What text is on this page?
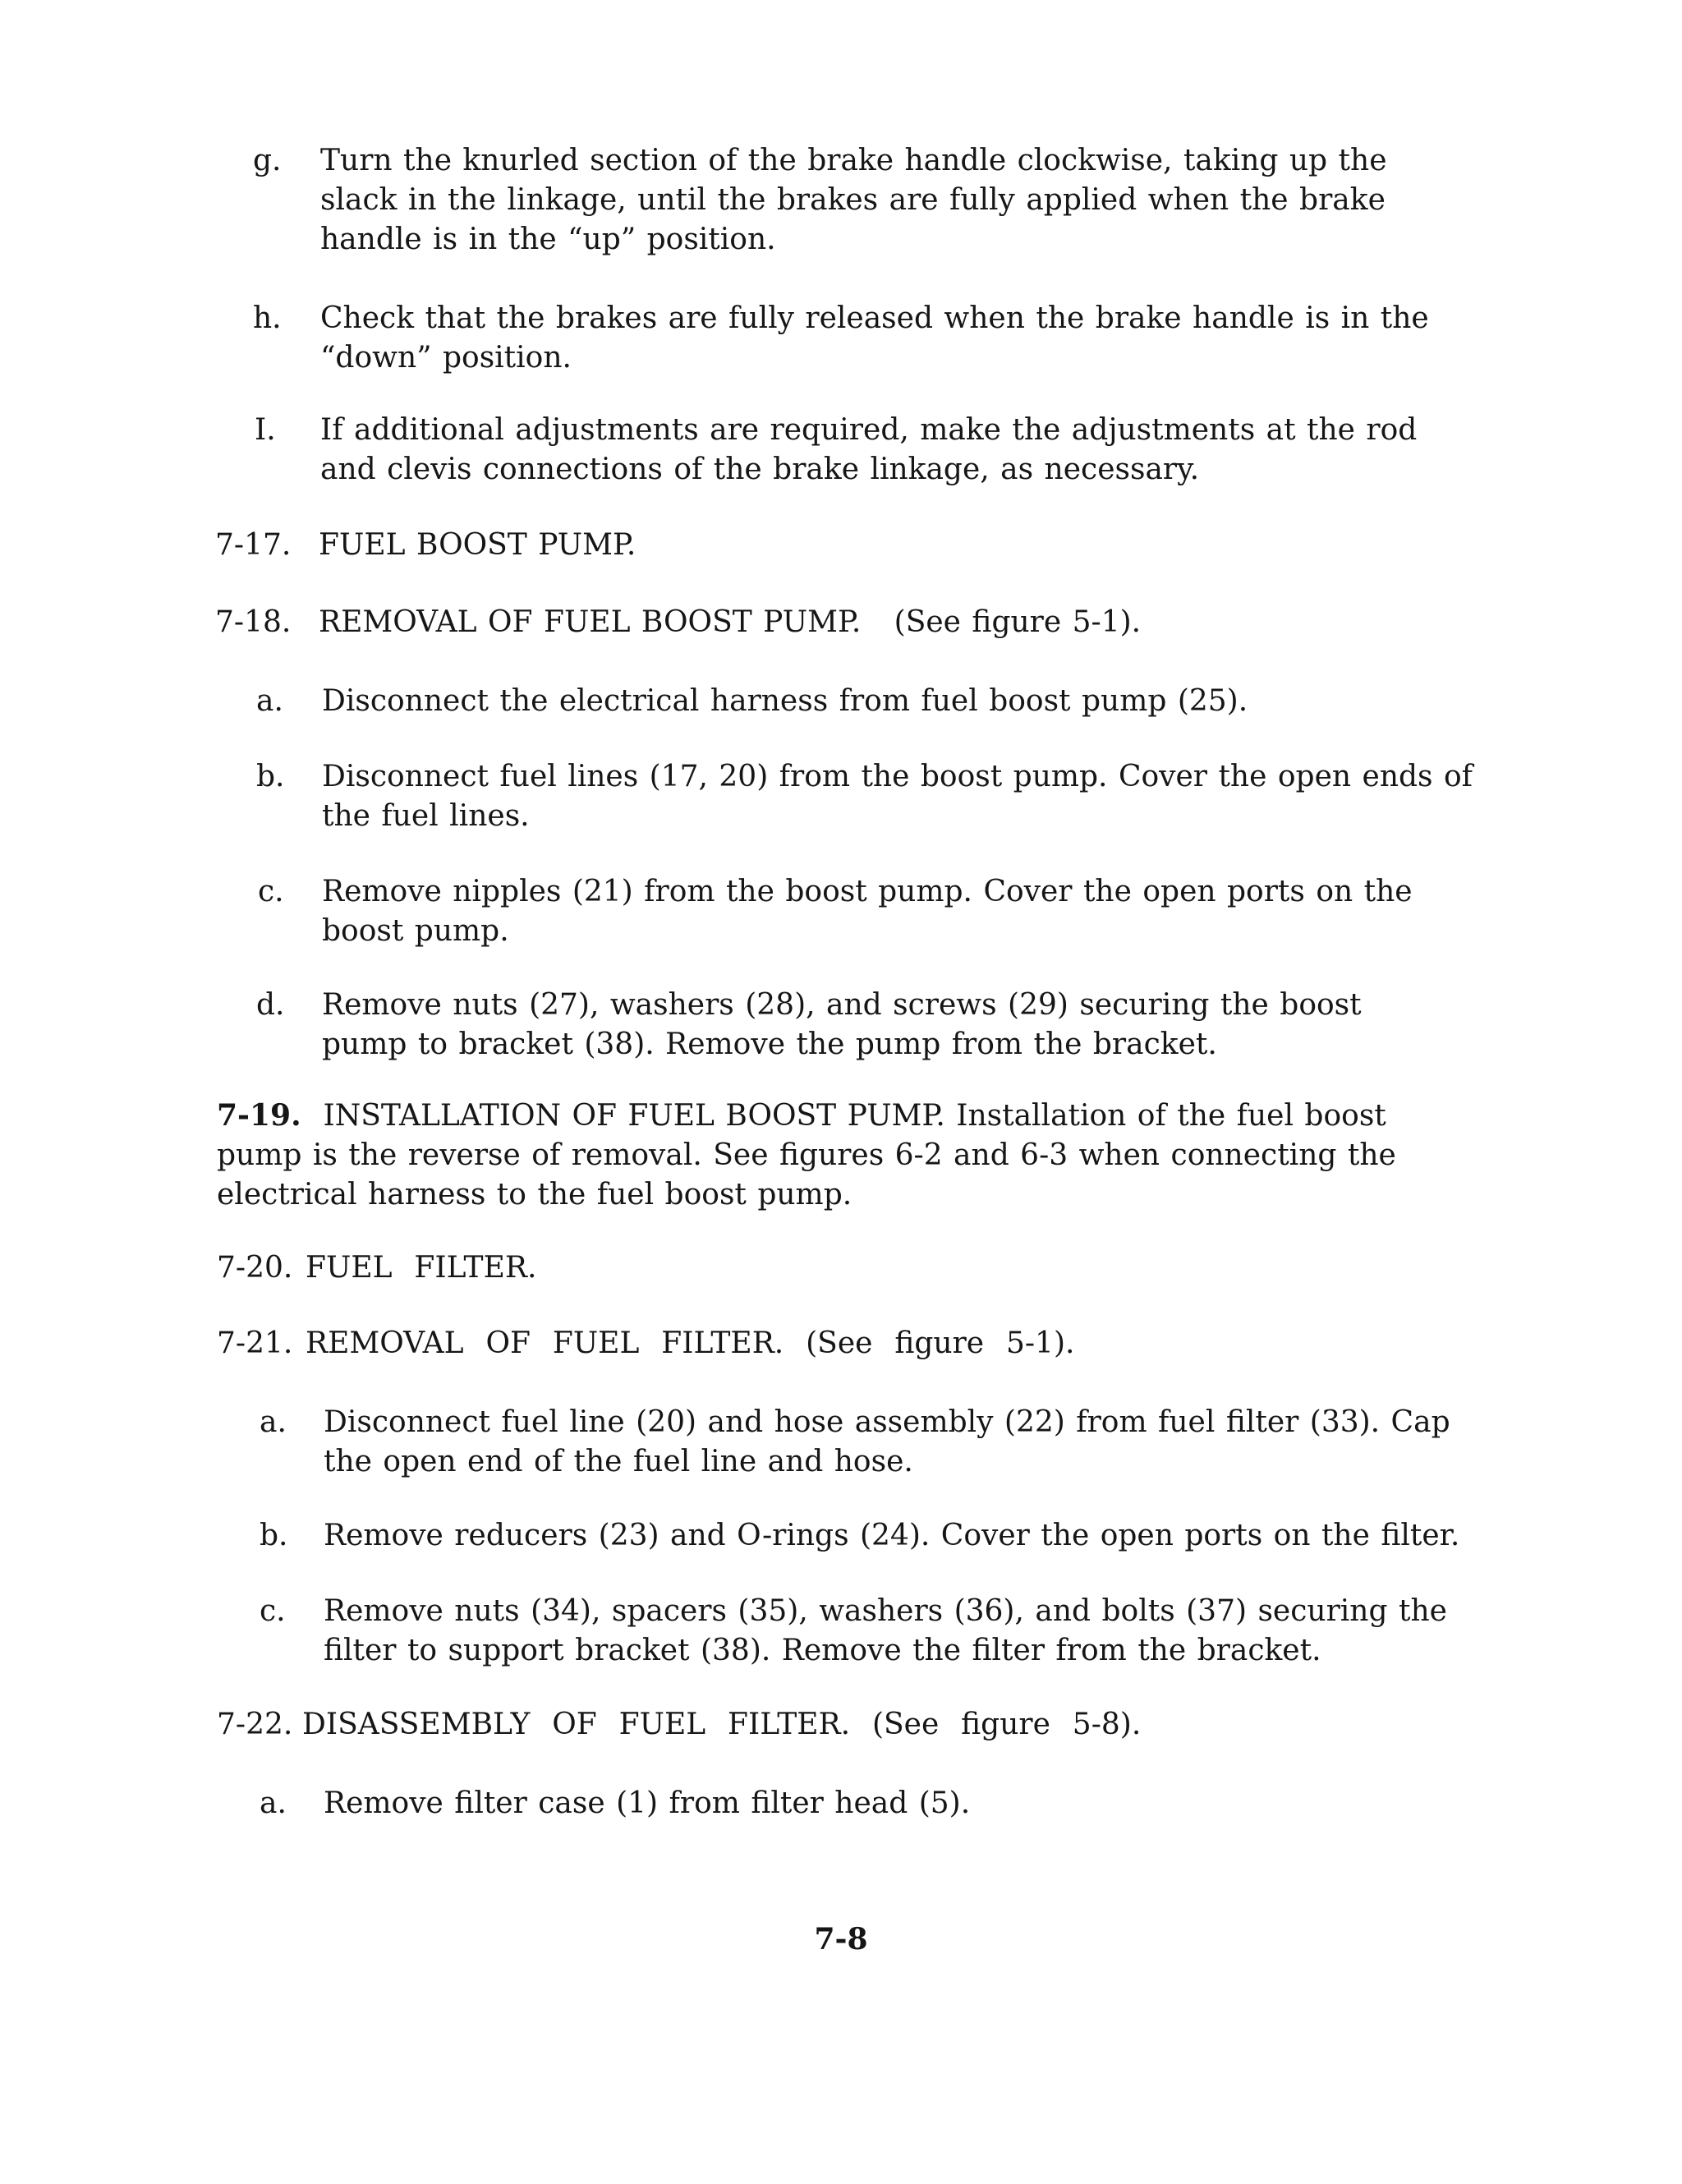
g. Turn the knurled section of the brake handle clockwise, taking up the slack in the linkage, until the brakes are fully applied when the brake handle is in the “up” position.
h. Check that the brakes are fully released when the brake handle is in the “down” position.
I. If additional adjustments are required, make the adjustments at the rod and clevis connections of the brake linkage, as necessary.
7-17. FUEL BOOST PUMP.
7-18. REMOVAL OF FUEL BOOST PUMP.   (See figure 5-1).
a. Disconnect the electrical harness from fuel boost pump (25).
b. Disconnect fuel lines (17, 20) from the boost pump. Cover the open ends of the fuel lines.
c. Remove nipples (21) from the boost pump. Cover the open ports on the boost pump.
d. Remove nuts (27), washers (28), and screws (29) securing the boost pump to bracket (38). Remove the pump from the bracket.
7-19. INSTALLATION OF FUEL BOOST PUMP. Installation of the fuel boost pump is the reverse of removal. See figures 6-2 and 6-3 when connecting the electrical harness to the fuel boost pump.
7-20. FUEL  FILTER.
7-21. REMOVAL  OF  FUEL  FILTER.  (See  figure  5-1).
a. Disconnect fuel line (20) and hose assembly (22) from fuel filter (33). Cap the open end of the fuel line and hose.
b. Remove reducers (23) and O-rings (24). Cover the open ports on the filter.
c. Remove nuts (34), spacers (35), washers (36), and bolts (37) securing the filter to support bracket (38). Remove the filter from the bracket.
7-22. DISASSEMBLY  OF  FUEL  FILTER.  (See  figure  5-8).
a. Remove filter case (1) from filter head (5).
7-8
